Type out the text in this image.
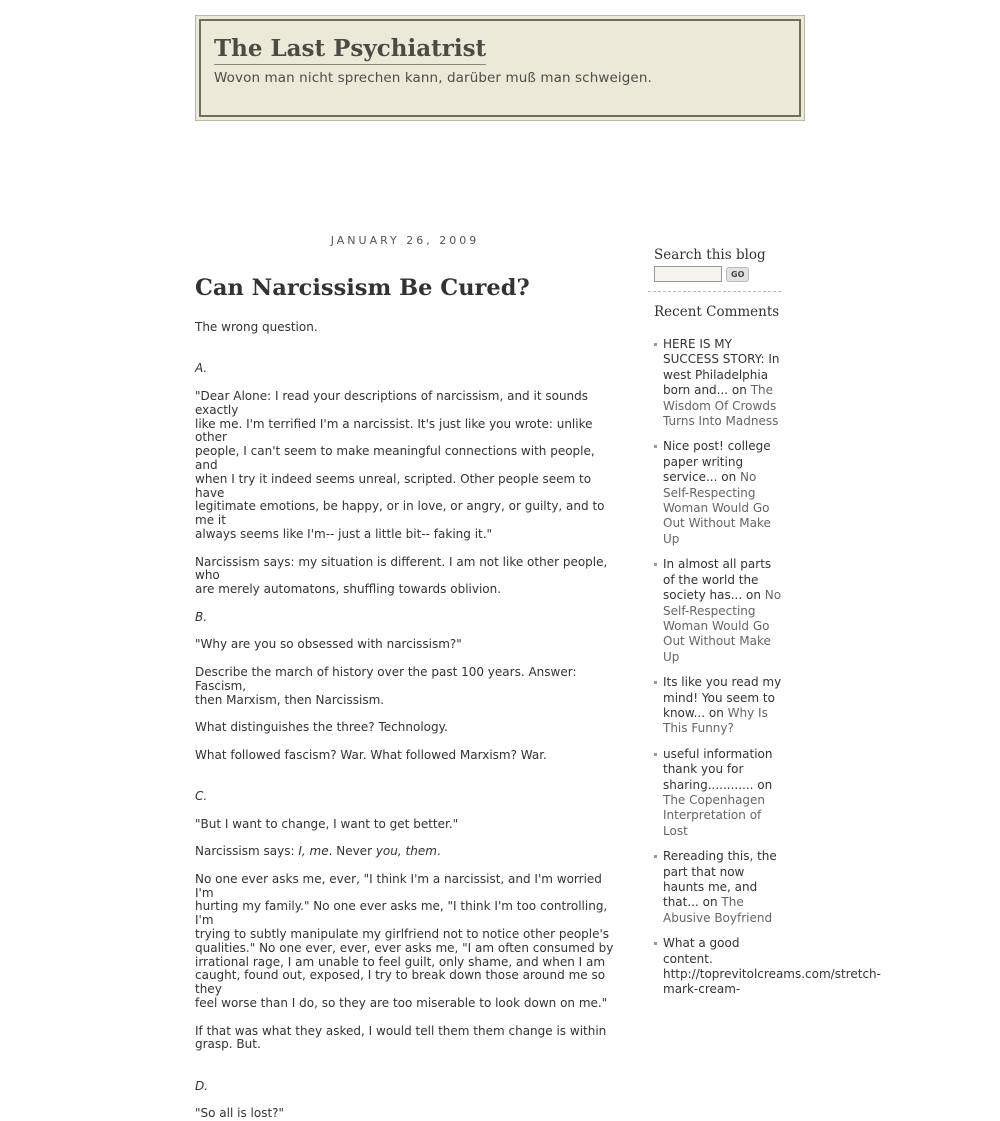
The Last Psychiatrist
Wovon man nicht sprechen kann, darüber muß man schweigen.
JANUARY 26, 2009
Can Narcissism Be Cured?

The wrong question.

A.

"Dear Alone: I read your descriptions of narcissism, and it sounds exactly
like me. I'm terrified I'm a narcissist. It's just like you wrote: unlike other
people, I can't seem to make meaningful connections with people, and
when I try it indeed seems unreal, scripted. Other people seem to have
legitimate emotions, be happy, or in love, or angry, or guilty, and to me it
always seems like I'm-- just a little bit-- faking it."

Narcissism says: my situation is different. I am not like other people, who
are merely automatons, shuffling towards oblivion.

B.

"Why are you so obsessed with narcissism?"

Describe the march of history over the past 100 years. Answer: Fascism,
then Marxism, then Narcissism.

What distinguishes the three? Technology.

What followed fascism? War. What followed Marxism? War.

C.

"But I want to change, I want to get better."

Narcissism says: I, me. Never you, them.

No one ever asks me, ever, "I think I'm a narcissist, and I'm worried I'm
hurting my family." No one ever asks me, "I think I'm too controlling, I'm
trying to subtly manipulate my girlfriend not to notice other people's
qualities." No one ever, ever, ever asks me, "I am often consumed by
irrational rage, I am unable to feel guilt, only shame, and when I am
caught, found out, exposed, I try to break down those around me so they
feel worse than I do, so they are too miserable to look down on me."

If that was what they asked, I would tell them them change is within
grasp. But.

D.

"So all is lost?"

Search this blog
GO
Recent Comments
HERE IS MY SUCCESS STORY: In west Philadelphia born and... on The Wisdom Of Crowds Turns Into Madness
Nice post! college paper writing service... on No Self-Respecting Woman Would Go Out Without Make Up
In almost all parts of the world the society has... on No Self-Respecting Woman Would Go Out Without Make Up
Its like you read my mind! You seem to know... on Why Is This Funny?
useful information thank you for sharing............ on The Copenhagen Interpretation of Lost
Rereading this, the part that now haunts me, and that... on The Abusive Boyfriend
What a good content. http://toprevitolcreams.com/stretch-mark-cream-
